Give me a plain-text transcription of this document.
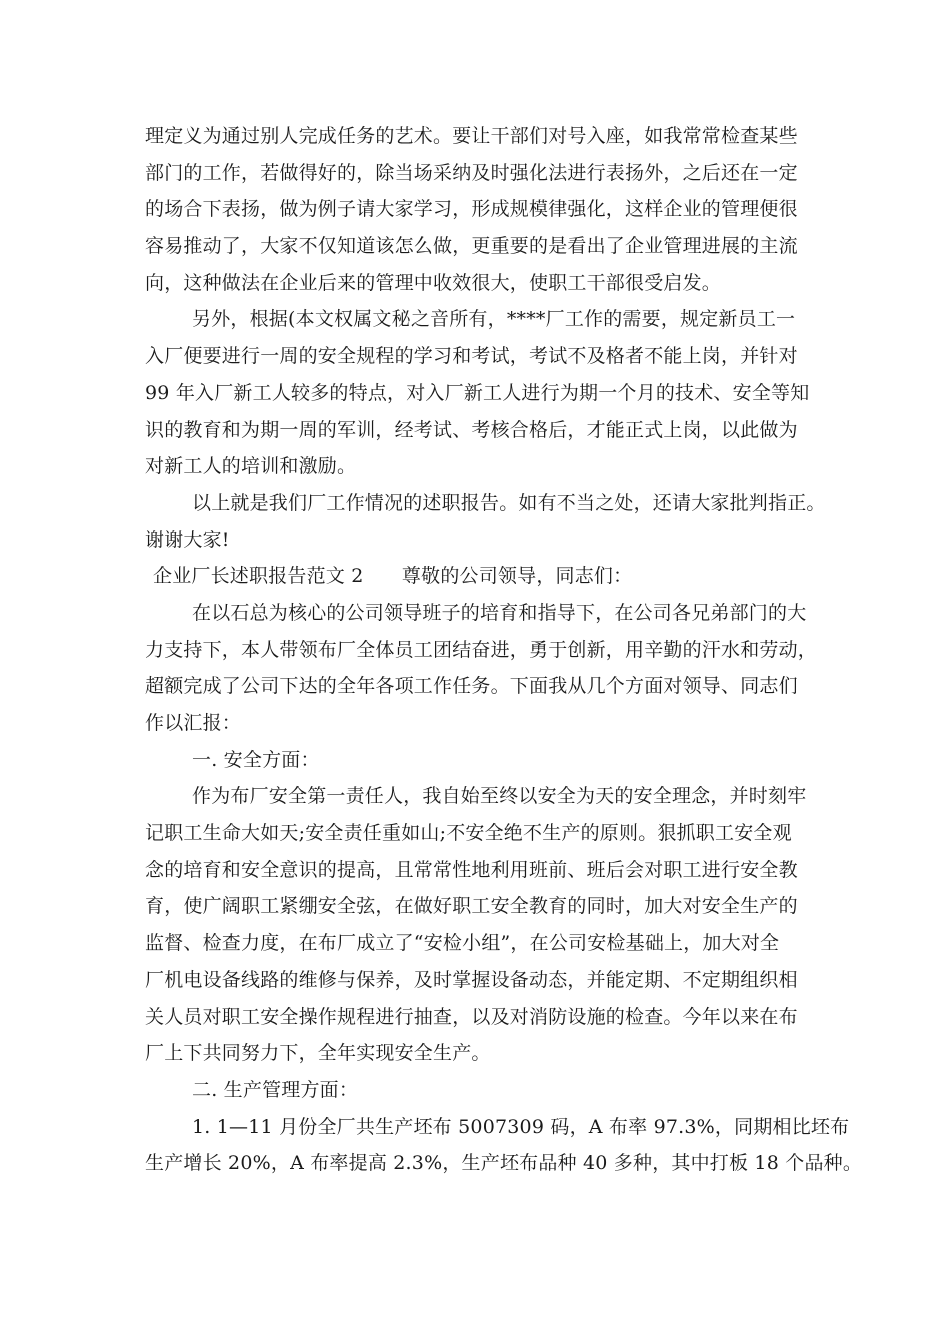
理定义为通过别人完成任务的艺术。要让干部们对号入座，如我常常检查某些
部门的工作，若做得好的，除当场采纳及时强化法进行表扬外，之后还在一定
的场合下表扬，做为例子请大家学习，形成规模律强化，这样企业的管理便很
容易推动了，大家不仅知道该怎么做，更重要的是看出了企业管理进展的主流
向，这种做法在企业后来的管理中收效很大，使职工干部很受启发。
另外，根据(本文权属文秘之音所有，****厂工作的需要，规定新员工一
入厂便要进行一周的安全规程的学习和考试，考试不及格者不能上岗，并针对
99 年入厂新工人较多的特点，对入厂新工人进行为期一个月的技术、安全等知
识的教育和为期一周的军训，经考试、考核合格后，才能正式上岗，以此做为
对新工人的培训和激励。
以上就是我们厂工作情况的述职报告。如有不当之处，还请大家批判指正。
谢谢大家!
企业厂长述职报告范文 2　　尊敬的公司领导，同志们：
在以石总为核心的公司领导班子的培育和指导下，在公司各兄弟部门的大
力支持下，本人带领布厂全体员工团结奋进，勇于创新，用辛勤的汗水和劳动，
超额完成了公司下达的全年各项工作任务。下面我从几个方面对领导、同志们
作以汇报：
一. 安全方面：
作为布厂安全第一责任人，我自始至终以安全为天的安全理念，并时刻牢
记职工生命大如天;安全责任重如山;不安全绝不生产的原则。狠抓职工安全观
念的培育和安全意识的提高，且常常性地利用班前、班后会对职工进行安全教
育，使广阔职工紧绷安全弦，在做好职工安全教育的同时，加大对安全生产的
监督、检查力度，在布厂成立了“安检小组”，在公司安检基础上，加大对全
厂机电设备线路的维修与保养，及时掌握设备动态，并能定期、不定期组织相
关人员对职工安全操作规程进行抽查，以及对消防设施的检查。今年以来在布
厂上下共同努力下，全年实现安全生产。
二. 生产管理方面：
1. 1—11 月份全厂共生产坯布 5007309 码，A 布率 97.3%，同期相比坯布
生产增长 20%，A 布率提高 2.3%，生产坯布品种 40 多种，其中打板 18 个品种。
